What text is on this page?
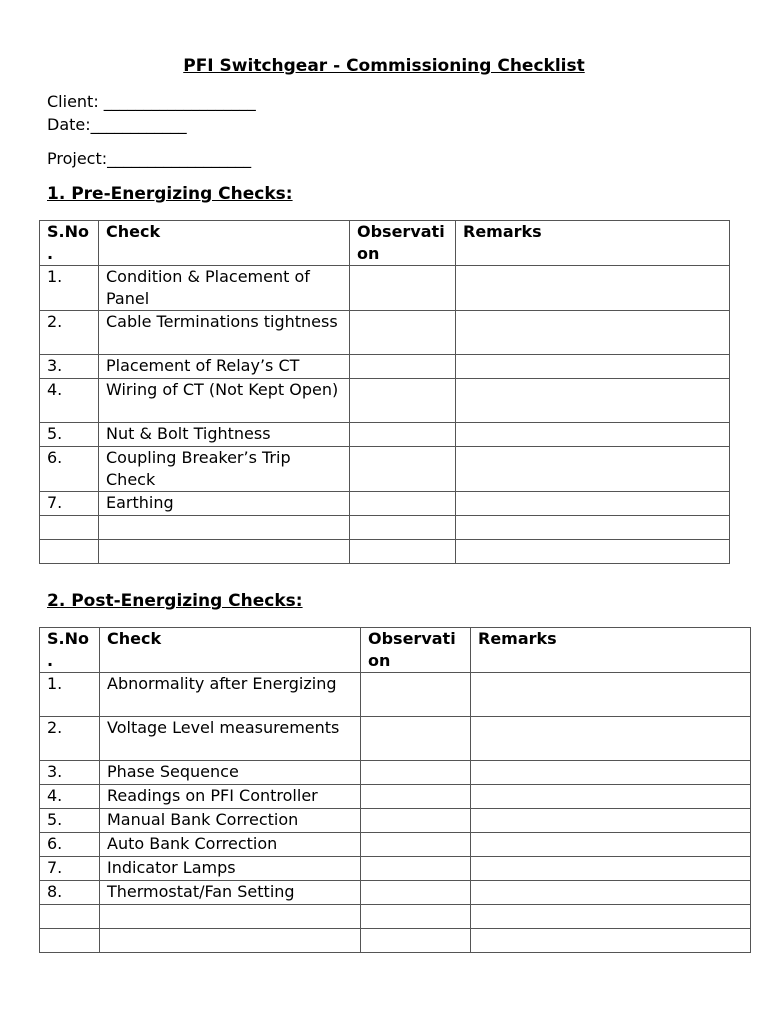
PFI Switchgear - Commissioning Checklist
Client: ___________________
Date:____________
Project:__________________
1. Pre-Energizing Checks:
S.No.	Check	Observation	Remarks
1.	Condition & Placement of Panel		
2.	Cable Terminations tightness		
3.	Placement of Relay’s CT		
4.	Wiring of CT (Not Kept Open)		
5.	Nut & Bolt Tightness		
6.	Coupling Breaker’s Trip Check		
7.	Earthing		

2. Post-Energizing Checks:
S.No.	Check	Observation	Remarks
1.	Abnormality after Energizing		
2.	Voltage Level measurements		
3.	Phase Sequence		
4.	Readings on PFI Controller		
5.	Manual Bank Correction		
6.	Auto Bank Correction		
7.	Indicator Lamps		
8.	Thermostat/Fan Setting		
